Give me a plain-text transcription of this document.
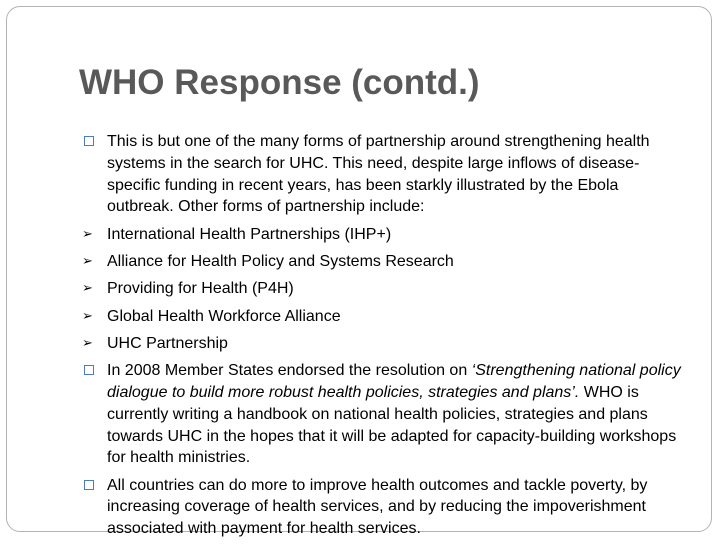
WHO Response (contd.)
This is but one of the many forms of partnership around strengthening health systems in the search for UHC. This need, despite large inflows of disease-specific funding in recent years, has been starkly illustrated by the Ebola outbreak. Other forms of partnership include:
➢ International Health Partnerships (IHP+)
➢ Alliance for Health Policy and Systems Research
➢ Providing for Health (P4H)
➢ Global Health Workforce Alliance
➢ UHC Partnership
In 2008 Member States endorsed the resolution on ‘Strengthening national policy dialogue to build more robust health policies, strategies and plans’. WHO is currently writing a handbook on national health policies, strategies and plans towards UHC in the hopes that it will be adapted for capacity-building workshops for health ministries.
All countries can do more to improve health outcomes and tackle poverty, by increasing coverage of health services, and by reducing the impoverishment associated with payment for health services.
